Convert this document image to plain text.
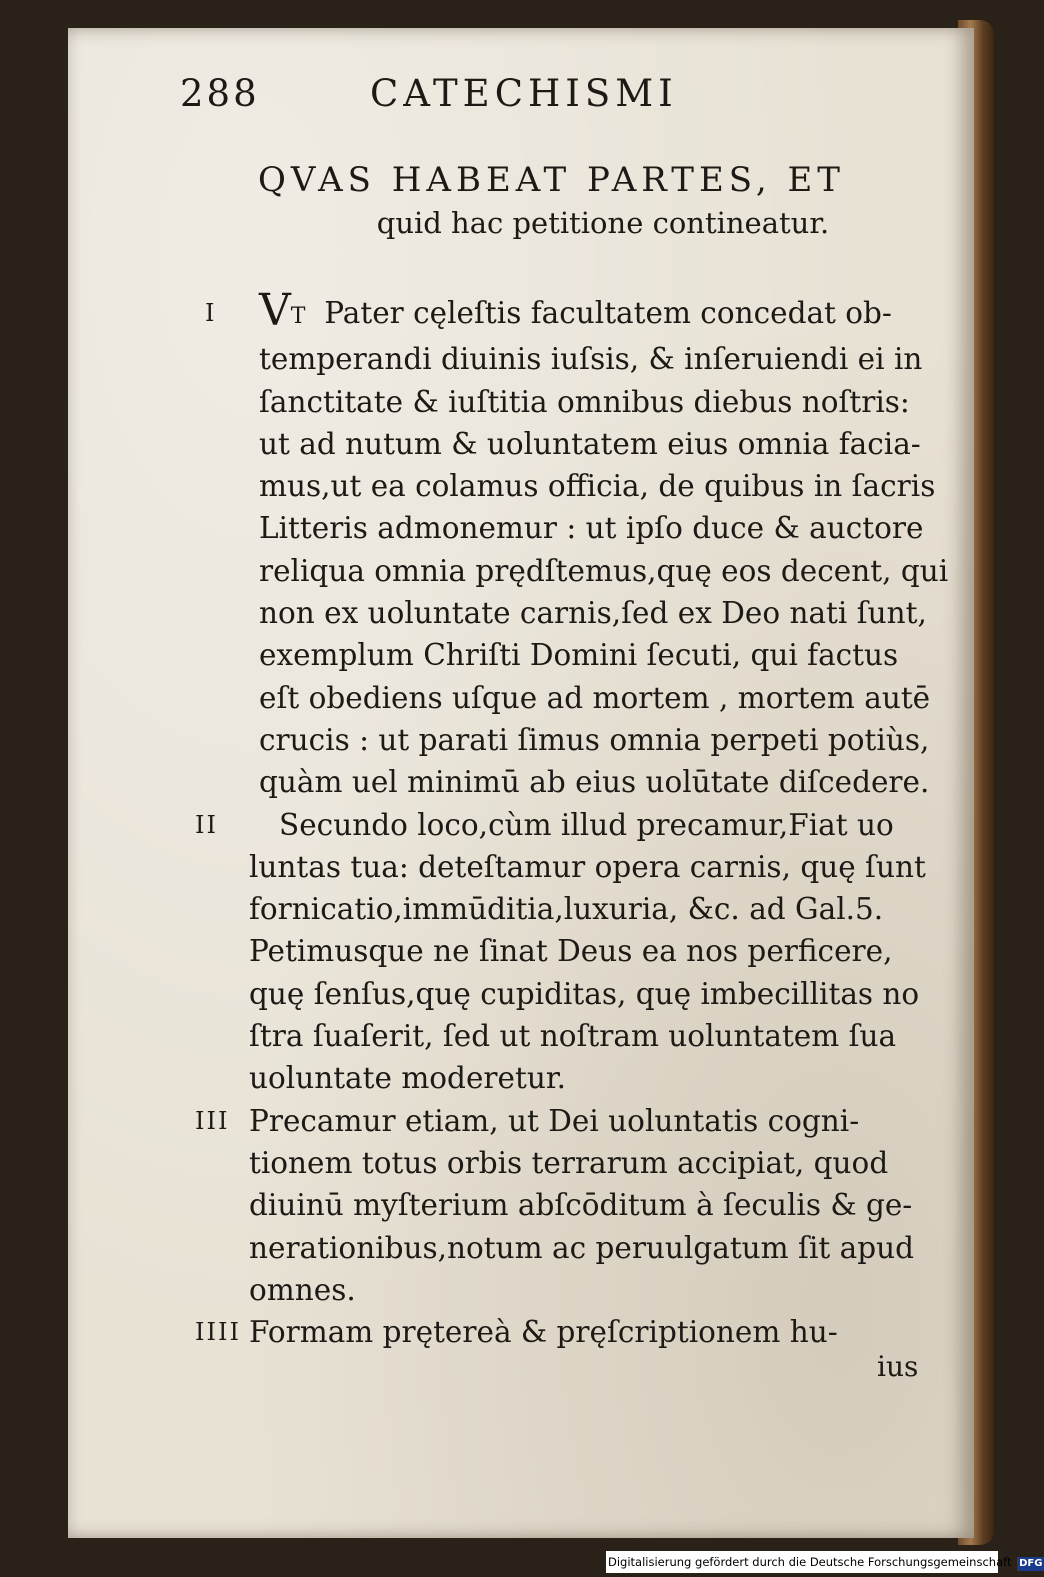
288	CATECHISMI
QVAS HABEAT PARTES, ET
quid hac petitione contineatur.
I VT Pater cęleſtis facultatem concedat ob-
temperandi diuinis iuſsis, & inſeruiendi ei in
ſanctitate & iuſtitia omnibus diebus noſtris:
ut ad nutum & uoluntatem eius omnia facia-
mus,ut ea colamus officia, de quibus in ſacris
Litteris admonemur : ut ipſo duce & auctore
reliqua omnia prędſtemus,quę eos decent, qui
non ex uoluntate carnis,ſed ex Deo nati ſunt,
exemplum Chriſti Domini ſecuti, qui factus
eſt obediens uſque ad mortem , mortem autē
crucis : ut parati ſimus omnia perpeti potiùs,
quàm uel minimū ab eius uolūtate diſcedere.
II	Secundo loco,cùm illud precamur,Fiat uo
luntas tua: deteſtamur opera carnis, quę ſunt
fornicatio,immūditia,luxuria, &c. ad Gal.5.
Petimusque ne ſinat Deus ea nos perficere,
quę ſenſus,quę cupiditas, quę imbecillitas no
ſtra ſuaſerit, ſed ut noſtram uoluntatem ſua
uoluntate moderetur.
III Precamur etiam, ut Dei uoluntatis cogni-
tionem totus orbis terrarum accipiat, quod
diuinū myſterium abſcōditum à ſeculis & ge-
nerationibus,notum ac peruulgatum ſit apud
omnes.
IIII Formam prętereà & pręſcriptionem hu-
ius
Digitalisierung gefördert durch die Deutsche Forschungsgemeinschaft DFG
